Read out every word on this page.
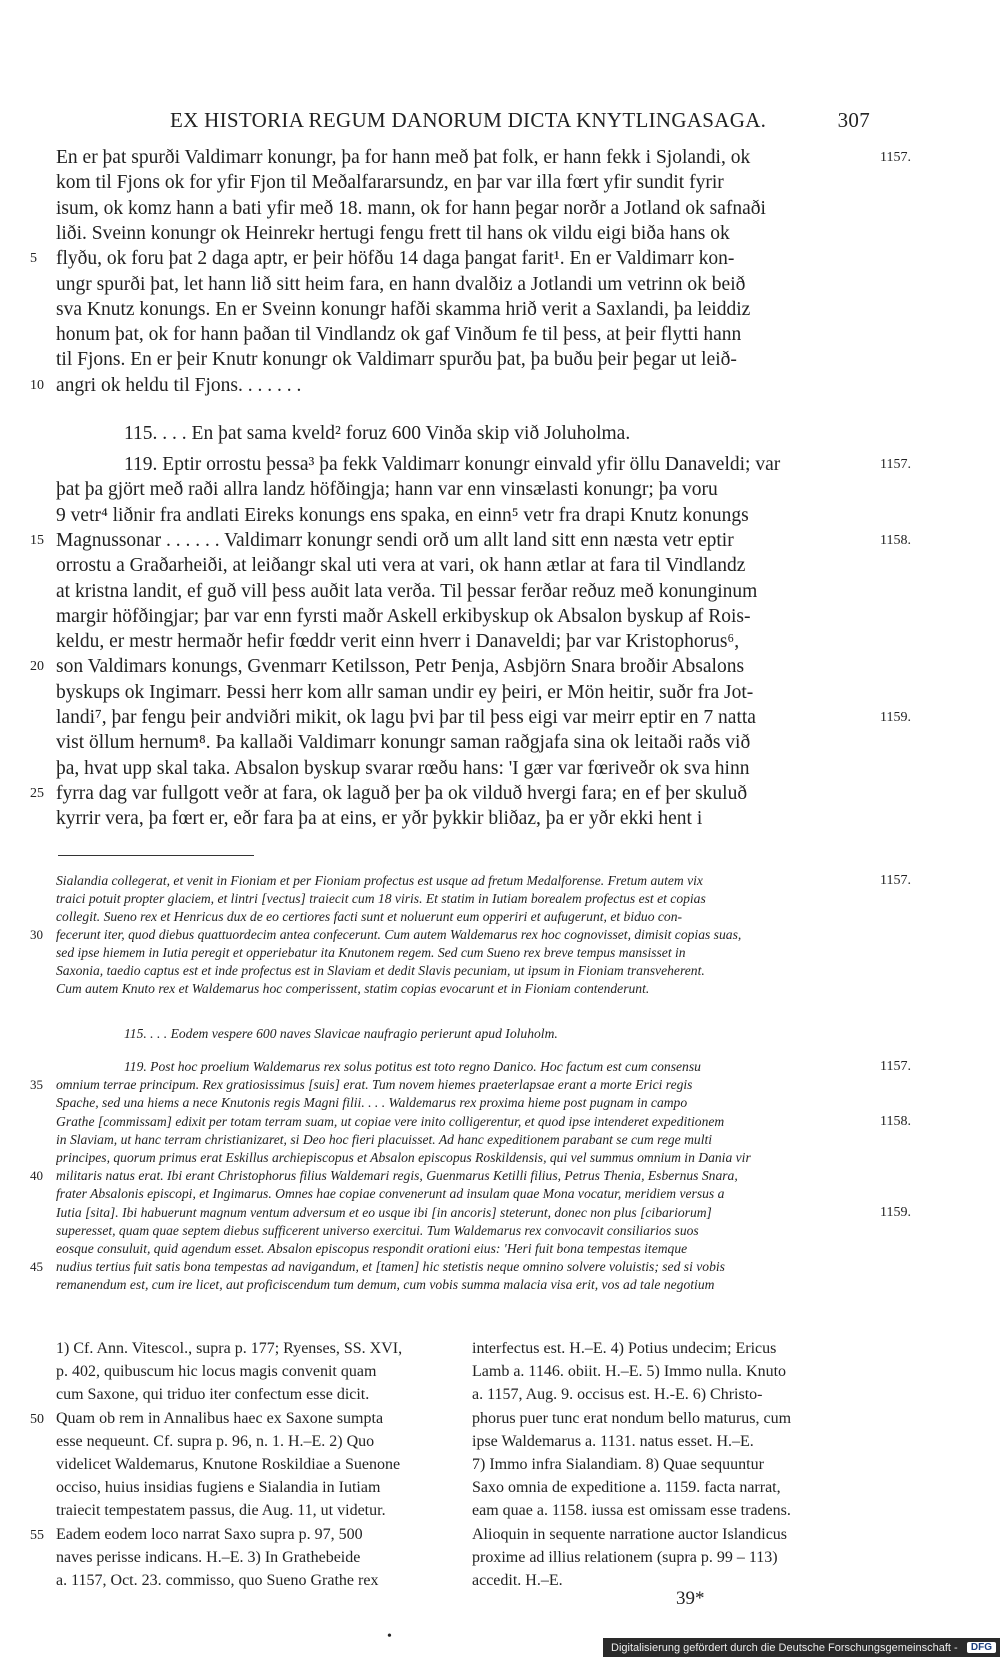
EX HISTORIA REGUM DANORUM DICTA KNYTLINGASAGA.	307
En er þat spurði Valdimarr konungr, þa for hann með þat folk, er hann fekk i Sjolandi, ok
kom til Fjons ok for yfir Fjon til Meðalfararsundz, en þar var illa fœrt yfir sundit fyrir
isum, ok komz hann a bati yfir með 18. mann, ok for hann þegar norðr a Jotland ok safnaði
liði. Sveinn konungr ok Heinrekr hertugi fengu frett til hans ok vildu eigi biða hans ok
flyðu, ok foru þat 2 daga aptr, er þeir höfðu 14 daga þangat farit¹. En er Valdimarr kon-
ungr spurði þat, let hann lið sitt heim fara, en hann dvalðiz a Jotlandi um vetrinn ok beið
sva Knutz konungs. En er Sveinn konungr hafði skamma hrið verit a Saxlandi, þa leiddiz
honum þat, ok for hann þaðan til Vindlandz ok gaf Vinðum fe til þess, at þeir flytti hann
til Fjons. En er þeir Knutr konungr ok Valdimarr spurðu þat, þa buðu þeir þegar ut leið-
angri ok heldu til Fjons. . . . . . .
115. . . . En þat sama kveld² foruz 600 Vinða skip við Joluholma.
119. Eptir orrostu þessa³ þa fekk Valdimarr konungr einvald yfir öllu Danaveldi; var
þat þa gjört með raði allra landz höfðingja; hann var enn vinsælasti konungr; þa voru
9 vetr⁴ liðnir fra andlati Eireks konungs ens spaka, en einn⁵ vetr fra drapi Knutz konungs
Magnussonar . . . . . . Valdimarr konungr sendi orð um allt land sitt enn næsta vetr eptir
orrostu a Graðarheiði, at leiðangr skal uti vera at vari, ok hann ætlar at fara til Vindlandz
at kristna landit, ef guð vill þess auðit lata verða. Til þessar ferðar reðuz með konunginum
margir höfðingjar; þar var enn fyrsti maðr Askell erkibyskup ok Absalon byskup af Rois-
keldu, er mestr hermaðr hefir fœddr verit einn hverr i Danaveldi; þar var Kristophorus⁶,
son Valdimars konungs, Gvenmarr Ketilsson, Petr Þenja, Asbjörn Snara broðir Absalons
byskups ok Ingimarr. Þessi herr kom allr saman undir ey þeiri, er Mön heitir, suðr fra Jot-
landi⁷, þar fengu þeir andviðri mikit, ok lagu þvi þar til þess eigi var meirr eptir en 7 natta
vist öllum hernum⁸. Þa kallaði Valdimarr konungr saman raðgjafa sina ok leitaði raðs við
þa, hvat upp skal taka. Absalon byskup svarar rœðu hans: 'I gær var fœriveðr ok sva hinn
fyrra dag var fullgott veðr at fara, ok laguð þer þa ok vilduð hvergi fara; en ef þer skuluð
kyrrir vera, þa fœrt er, eðr fara þa at eins, er yðr þykkir bliðaz, þa er yðr ekki hent i
5
10
15
20
25
1157.
1157.
1158.
1159.
Sialandia collegerat, et venit in Fioniam et per Fioniam profectus est usque ad fretum Medalforense. Fretum autem vix
traici potuit propter glaciem, et lintri [vectus] traiecit cum 18 viris. Et statim in Iutiam borealem profectus est et copias
collegit. Sueno rex et Henricus dux de eo certiores facti sunt et noluerunt eum opperiri et aufugerunt, et biduo con-
fecerunt iter, quod diebus quattuordecim antea confecerunt. Cum autem Waldemarus rex hoc cognovisset, dimisit copias suas,
sed ipse hiemem in Iutia peregit et opperiebatur ita Knutonem regem. Sed cum Sueno rex breve tempus mansisset in
Saxonia, taedio captus est et inde profectus est in Slaviam et dedit Slavis pecuniam, ut ipsum in Fioniam transveherent.
Cum autem Knuto rex et Waldemarus hoc comperissent, statim copias evocarunt et in Fioniam contenderunt.
115. . . . Eodem vespere 600 naves Slavicae naufragio perierunt apud Ioluholm.
119. Post hoc proelium Waldemarus rex solus potitus est toto regno Danico. Hoc factum est cum consensu
omnium terrae principum. Rex gratiosissimus [suis] erat. Tum novem hiemes praeterlapsae erant a morte Erici regis
Spache, sed una hiems a nece Knutonis regis Magni filii. . . . Waldemarus rex proxima hieme post pugnam in campo
Grathe [commissam] edixit per totam terram suam, ut copiae vere inito colligerentur, et quod ipse intenderet expeditionem
in Slaviam, ut hanc terram christianizaret, si Deo hoc fieri placuisset. Ad hanc expeditionem parabant se cum rege multi
principes, quorum primus erat Eskillus archiepiscopus et Absalon episcopus Roskildensis, qui vel summus omnium in Dania vir
militaris natus erat. Ibi erant Christophorus filius Waldemari regis, Guenmarus Ketilli filius, Petrus Thenia, Esbernus Snara,
frater Absalonis episcopi, et Ingimarus. Omnes hae copiae convenerunt ad insulam quae Mona vocatur, meridiem versus a
Iutia [sita]. Ibi habuerunt magnum ventum adversum et eo usque ibi [in ancoris] steterunt, donec non plus [cibariorum]
superesset, quam quae septem diebus sufficerent universo exercitui. Tum Waldemarus rex convocavit consiliarios suos
eosque consuluit, quid agendum esset. Absalon episcopus respondit orationi eius: 'Heri fuit bona tempestas itemque
nudius tertius fuit satis bona tempestas ad navigandum, et [tamen] hic stetistis neque omnino solvere voluistis; sed si vobis
remanendum est, cum ire licet, aut proficiscendum tum demum, cum vobis summa malacia visa erit, vos ad tale negotium
30
35
40
45
1157.
1157.
1158.
1159.
1) Cf. Ann. Vitescol., supra p. 177; Ryenses, SS. XVI,	interfectus est. H.–E. 4) Potius undecim; Ericus
p. 402, quibuscum hic locus magis convenit quam	Lamb a. 1146. obiit. H.–E. 5) Immo nulla. Knuto
cum Saxone, qui triduo iter confectum esse dicit.	a. 1157, Aug. 9. occisus est. H.-E. 6) Christo-
Quam ob rem in Annalibus haec ex Saxone sumpta	phorus puer tunc erat nondum bello maturus, cum
esse nequeunt. Cf. supra p. 96, n. 1. H.–E. 2) Quo	ipse Waldemarus a. 1131. natus esset. H.–E.
videlicet Waldemarus, Knutone Roskildiae a Suenone	7) Immo infra Sialandiam. 8) Quae sequuntur
occiso, huius insidias fugiens e Sialandia in Iutiam	Saxo omnia de expeditione a. 1159. facta narrat,
traiecit tempestatem passus, die Aug. 11, ut videtur.	eam quae a. 1158. iussa est omissam esse tradens.
Eadem eodem loco narrat Saxo supra p. 97, 500	Alioquin in sequente narratione auctor Islandicus
naves perisse indicans. H.–E. 3) In Grathebeide	proxime ad illius relationem (supra p. 99 – 113)
a. 1157, Oct. 23. commisso, quo Sueno Grathe rex	accedit. H.–E.
50
55
39*
•
Digitalisierung gefördert durch die Deutsche Forschungsgemeinschaft -	DFG
